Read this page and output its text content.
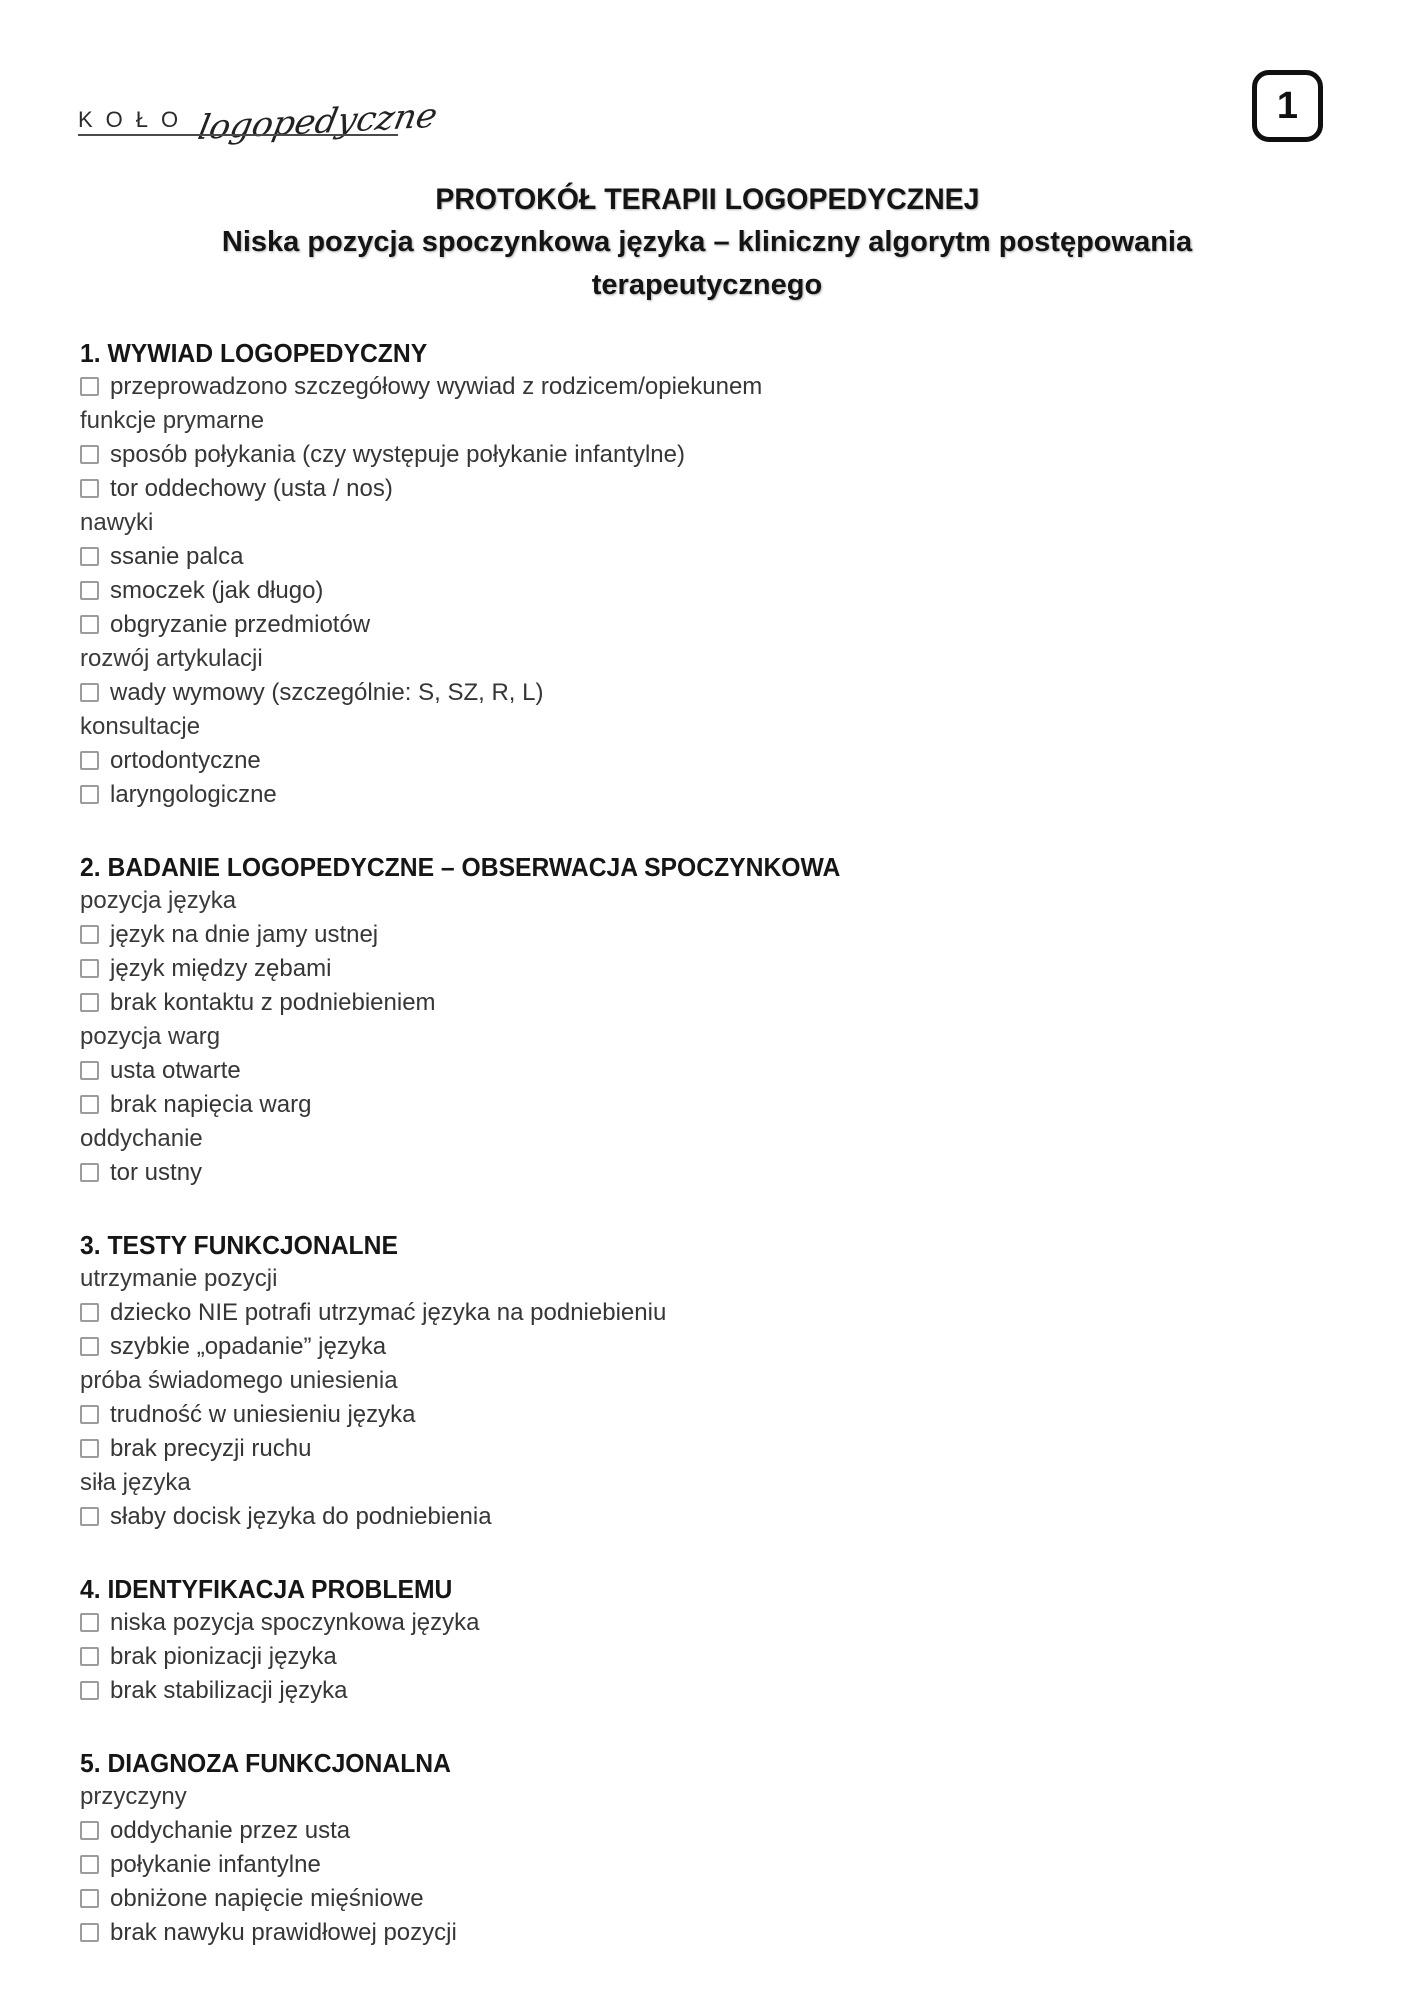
KOŁO logopedyczne	1
PROTOKÓŁ TERAPII LOGOPEDYCZNEJ
Niska pozycja spoczynkowa języka – kliniczny algorytm postępowania terapeutycznego
1. WYWIAD LOGOPEDYCZNY
przeprowadzono szczegółowy wywiad z rodzicem/opiekunem
funkcje prymarne
sposób połykania (czy występuje połykanie infantylne)
tor oddechowy (usta / nos)
nawyki
ssanie palca
smoczek (jak długo)
obgryzanie przedmiotów
rozwój artykulacji
wady wymowy (szczególnie: S, SZ, R, L)
konsultacje
ortodontyczne
laryngologiczne
2. BADANIE LOGOPEDYCZNE – OBSERWACJA SPOCZYNKOWA
pozycja języka
język na dnie jamy ustnej
język między zębami
brak kontaktu z podniebieniem
pozycja warg
usta otwarte
brak napięcia warg
oddychanie
tor ustny
3. TESTY FUNKCJONALNE
utrzymanie pozycji
dziecko NIE potrafi utrzymać języka na podniebieniu
szybkie „opadanie” języka
próba świadomego uniesienia
trudność w uniesieniu języka
brak precyzji ruchu
siła języka
słaby docisk języka do podniebienia
4. IDENTYFIKACJA PROBLEMU
niska pozycja spoczynkowa języka
brak pionizacji języka
brak stabilizacji języka
5. DIAGNOZA FUNKCJONALNA
przyczyny
oddychanie przez usta
połykanie infantylne
obniżone napięcie mięśniowe
brak nawyku prawidłowej pozycji
